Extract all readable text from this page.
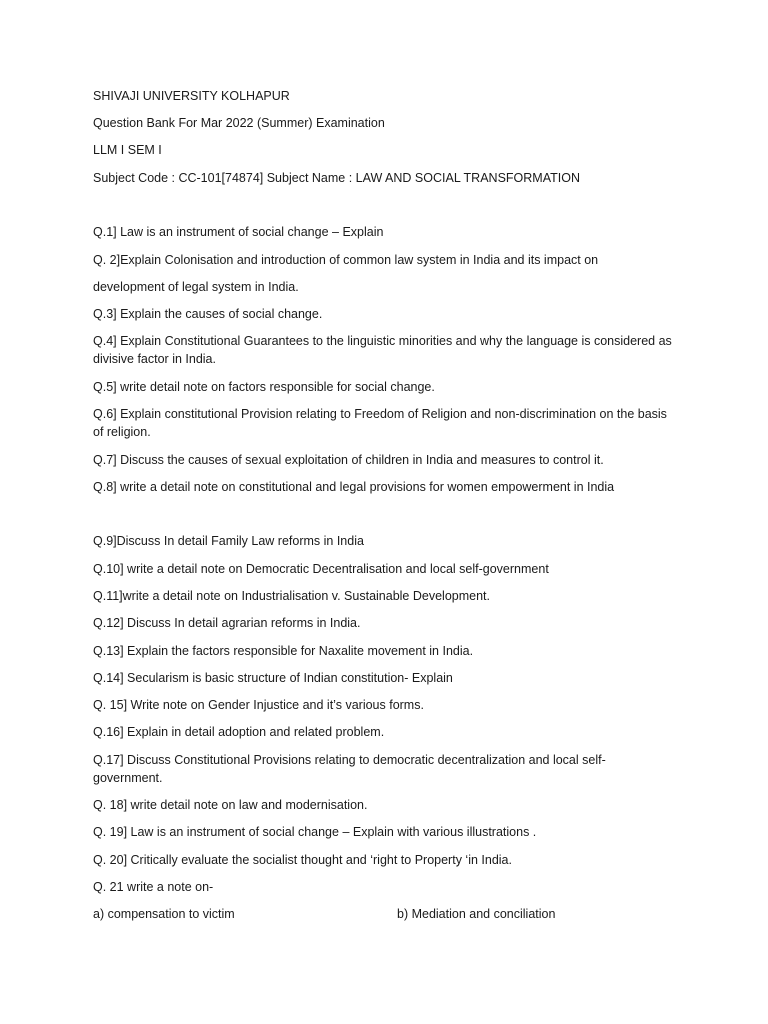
SHIVAJI UNIVERSITY KOLHAPUR
Question Bank For Mar 2022 (Summer) Examination
LLM I SEM I
Subject Code : CC-101[74874] Subject Name : LAW AND SOCIAL TRANSFORMATION
Q.1] Law is an instrument of social change – Explain
Q. 2]Explain Colonisation and introduction of common law system in India and its impact on
development of legal system in India.
Q.3] Explain the causes of social change.
Q.4] Explain Constitutional Guarantees to the linguistic minorities and why the language is considered as divisive factor in India.
Q.5] write detail note on factors responsible for social change.
Q.6] Explain constitutional Provision relating to Freedom of Religion and non-discrimination on the basis of religion.
Q.7] Discuss the causes of sexual exploitation of children in India and measures to control it.
Q.8] write a detail note on constitutional and legal provisions for women empowerment in India
Q.9]Discuss In detail Family Law reforms in India
Q.10] write a detail note on Democratic Decentralisation and local self-government
Q.11]write a detail note on Industrialisation v. Sustainable Development.
Q.12] Discuss In detail agrarian reforms in India.
Q.13] Explain the factors responsible for Naxalite movement in India.
Q.14] Secularism is basic structure of Indian constitution- Explain
Q. 15] Write note on Gender Injustice and it’s various forms.
Q.16] Explain in detail adoption and related problem.
Q.17] Discuss Constitutional Provisions relating to democratic decentralization and local self-government.
Q. 18] write detail note on law and modernisation.
Q. 19] Law is an instrument of social change – Explain with various illustrations .
Q. 20] Critically evaluate the socialist thought and ‘right to Property ‘in India.
Q. 21 write a note on-
a) compensation to victim	b) Mediation and conciliation
